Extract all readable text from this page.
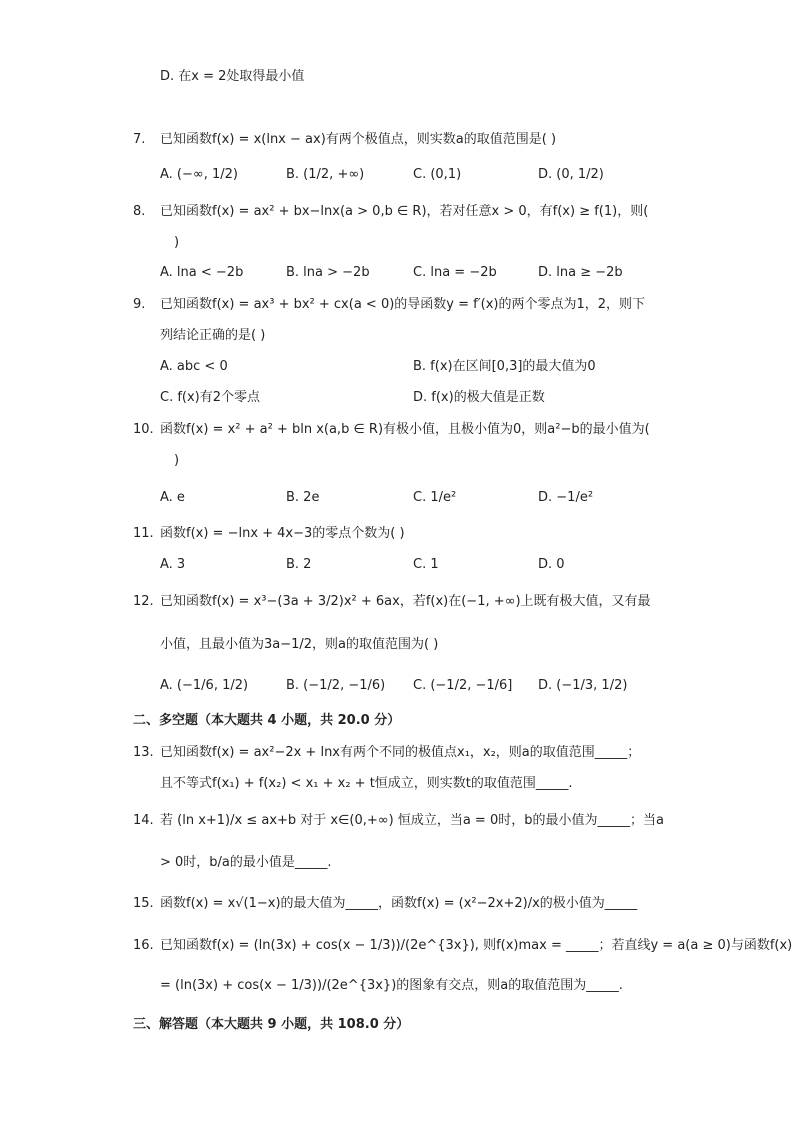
D. 在x = 2处取得最小值
7. 已知函数f(x) = x(lnx − ax)有两个极值点，则实数a的取值范围是( )
A. (−∞, 1/2)	B. (1/2, +∞)	C. (0,1)	D. (0, 1/2)
8. 已知函数f(x) = ax² + bx−lnx(a > 0,b ∈ R)，若对任意x > 0，有f(x) ≥ f(1)，则(
)
A. lna < −2b	B. lna > −2b	C. lna = −2b	D. lna ≥ −2b
9. 已知函数f(x) = ax³ + bx² + cx(a < 0)的导函数y = f′(x)的两个零点为1，2，则下
列结论正确的是( )
A. abc < 0	B. f(x)在区间[0,3]的最大值为0
C. f(x)有2个零点	D. f(x)的极大值是正数
10. 函数f(x) = x² + a² + bln x(a,b ∈ R)有极小值，且极小值为0，则a²−b的最小值为(
)
A. e	B. 2e	C. 1/e²	D. −1/e²
11. 函数f(x) = −lnx + 4x−3的零点个数为( )
A. 3	B. 2	C. 1	D. 0
12. 已知函数f(x) = x³−(3a + 3/2)x² + 6ax，若f(x)在(−1, +∞)上既有极大值，又有最
小值，且最小值为3a−1/2，则a的取值范围为( )
A. (−1/6, 1/2)	B. (−1/2, −1/6) C. (−1/2, −1/6] D. (−1/3, 1/2)
二、多空题（本大题共 4 小题，共 20.0 分）
13. 已知函数f(x) = ax²−2x + lnx有两个不同的极值点x₁，x₂，则a的取值范围_____；
且不等式f(x₁) + f(x₂) < x₁ + x₂ + t恒成立，则实数t的取值范围_____.
14. 若 (ln x+1)/x ≤ ax+b 对于 x∈(0,+∞) 恒成立，当a = 0时，b的最小值为_____；当a
> 0时，b/a的最小值是_____.
15. 函数f(x) = x√(1−x)的最大值为_____，函数f(x) = (x²−2x+2)/x的极小值为_____
16. 已知函数f(x) = (ln(3x) + cos(x − 1/3))/(2e^{3x}), 则f(x)max = _____；若直线y = a(a ≥ 0)与函数f(x)
= (ln(3x) + cos(x − 1/3))/(2e^{3x})的图象有交点，则a的取值范围为_____.
三、解答题（本大题共 9 小题，共 108.0 分）
